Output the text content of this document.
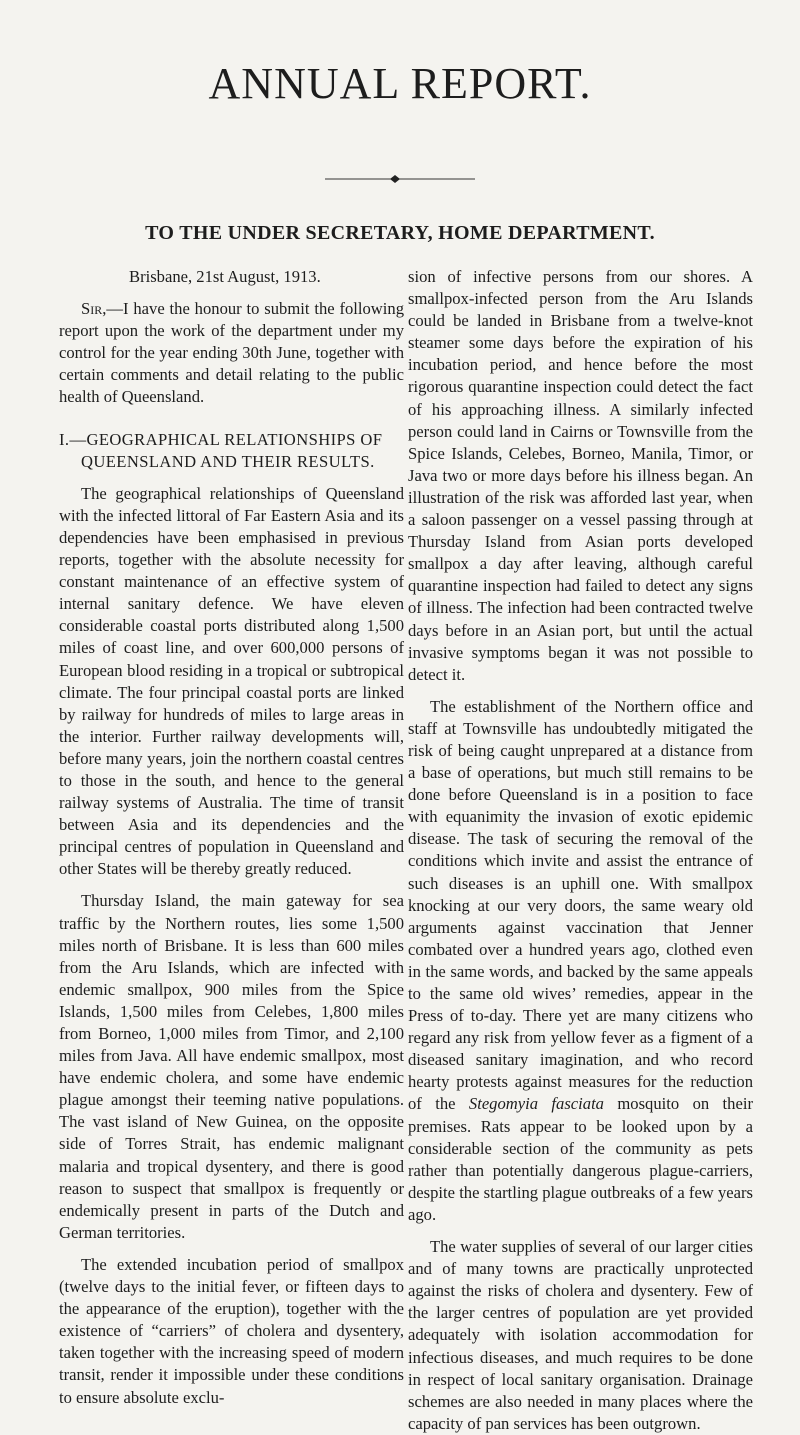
ANNUAL REPORT.
TO THE UNDER SECRETARY, HOME DEPARTMENT.

Brisbane, 21st August, 1913.

Sir,—I have the honour to submit the following report upon the work of the department under my control for the year ending 30th June, together with certain comments and detail relating to the public health of Queensland.

I.—GEOGRAPHICAL RELATIONSHIPS OF
QUEENSLAND AND THEIR RESULTS.

The geographical relationships of Queensland with the infected littoral of Far Eastern Asia and its dependencies have been emphasised in previous reports, together with the absolute necessity for constant maintenance of an effective system of internal sanitary defence. We have eleven considerable coastal ports distributed along 1,500 miles of coast line, and over 600,000 persons of European blood residing in a tropical or subtropical climate. The four principal coastal ports are linked by railway for hundreds of miles to large areas in the interior. Further railway developments will, before many years, join the northern coastal centres to those in the south, and hence to the general railway systems of Australia. The time of transit between Asia and its dependencies and the principal centres of population in Queensland and other States will be thereby greatly reduced.

Thursday Island, the main gateway for sea traffic by the Northern routes, lies some 1,500 miles north of Brisbane. It is less than 600 miles from the Aru Islands, which are infected with endemic smallpox, 900 miles from the Spice Islands, 1,500 miles from Celebes, 1,800 miles from Borneo, 1,000 miles from Timor, and 2,100 miles from Java. All have endemic smallpox, most have endemic cholera, and some have endemic plague amongst their teeming native populations. The vast island of New Guinea, on the opposite side of Torres Strait, has endemic malignant malaria and tropical dysentery, and there is good reason to suspect that smallpox is frequently or endemically present in parts of the Dutch and German territories.

The extended incubation period of smallpox (twelve days to the initial fever, or fifteen days to the appearance of the eruption), together with the existence of “carriers” of cholera and dysentery, taken together with the increasing speed of modern transit, render it impossible under these conditions to ensure absolute exclu-

sion of infective persons from our shores. A smallpox-infected person from the Aru Islands could be landed in Brisbane from a twelve-knot steamer some days before the expiration of his incubation period, and hence before the most rigorous quarantine inspection could detect the fact of his approaching illness. A similarly infected person could land in Cairns or Townsville from the Spice Islands, Celebes, Borneo, Manila, Timor, or Java two or more days before his illness began. An illustration of the risk was afforded last year, when a saloon passenger on a vessel passing through at Thursday Island from Asian ports developed smallpox a day after leaving, although careful quarantine inspection had failed to detect any signs of illness. The infection had been contracted twelve days before in an Asian port, but until the actual invasive symptoms began it was not possible to detect it.

The establishment of the Northern office and staff at Townsville has undoubtedly mitigated the risk of being caught unprepared at a distance from a base of operations, but much still remains to be done before Queensland is in a position to face with equanimity the invasion of exotic epidemic disease. The task of securing the removal of the conditions which invite and assist the entrance of such diseases is an uphill one. With smallpox knocking at our very doors, the same weary old arguments against vaccination that Jenner combated over a hundred years ago, clothed even in the same words, and backed by the same appeals to the same old wives’ remedies, appear in the Press of to-day. There yet are many citizens who regard any risk from yellow fever as a figment of a diseased sanitary imagination, and who record hearty protests against measures for the reduction of the Stegomyia fasciata mosquito on their premises. Rats appear to be looked upon by a considerable section of the community as pets rather than potentially dangerous plague-carriers, despite the startling plague outbreaks of a few years ago.

The water supplies of several of our larger cities and of many towns are practically unprotected against the risks of cholera and dysentery. Few of the larger centres of population are yet provided adequately with isolation accommodation for infectious diseases, and much requires to be done in respect of local sanitary organisation. Drainage schemes are also needed in many places where the capacity of pan services has been outgrown.
